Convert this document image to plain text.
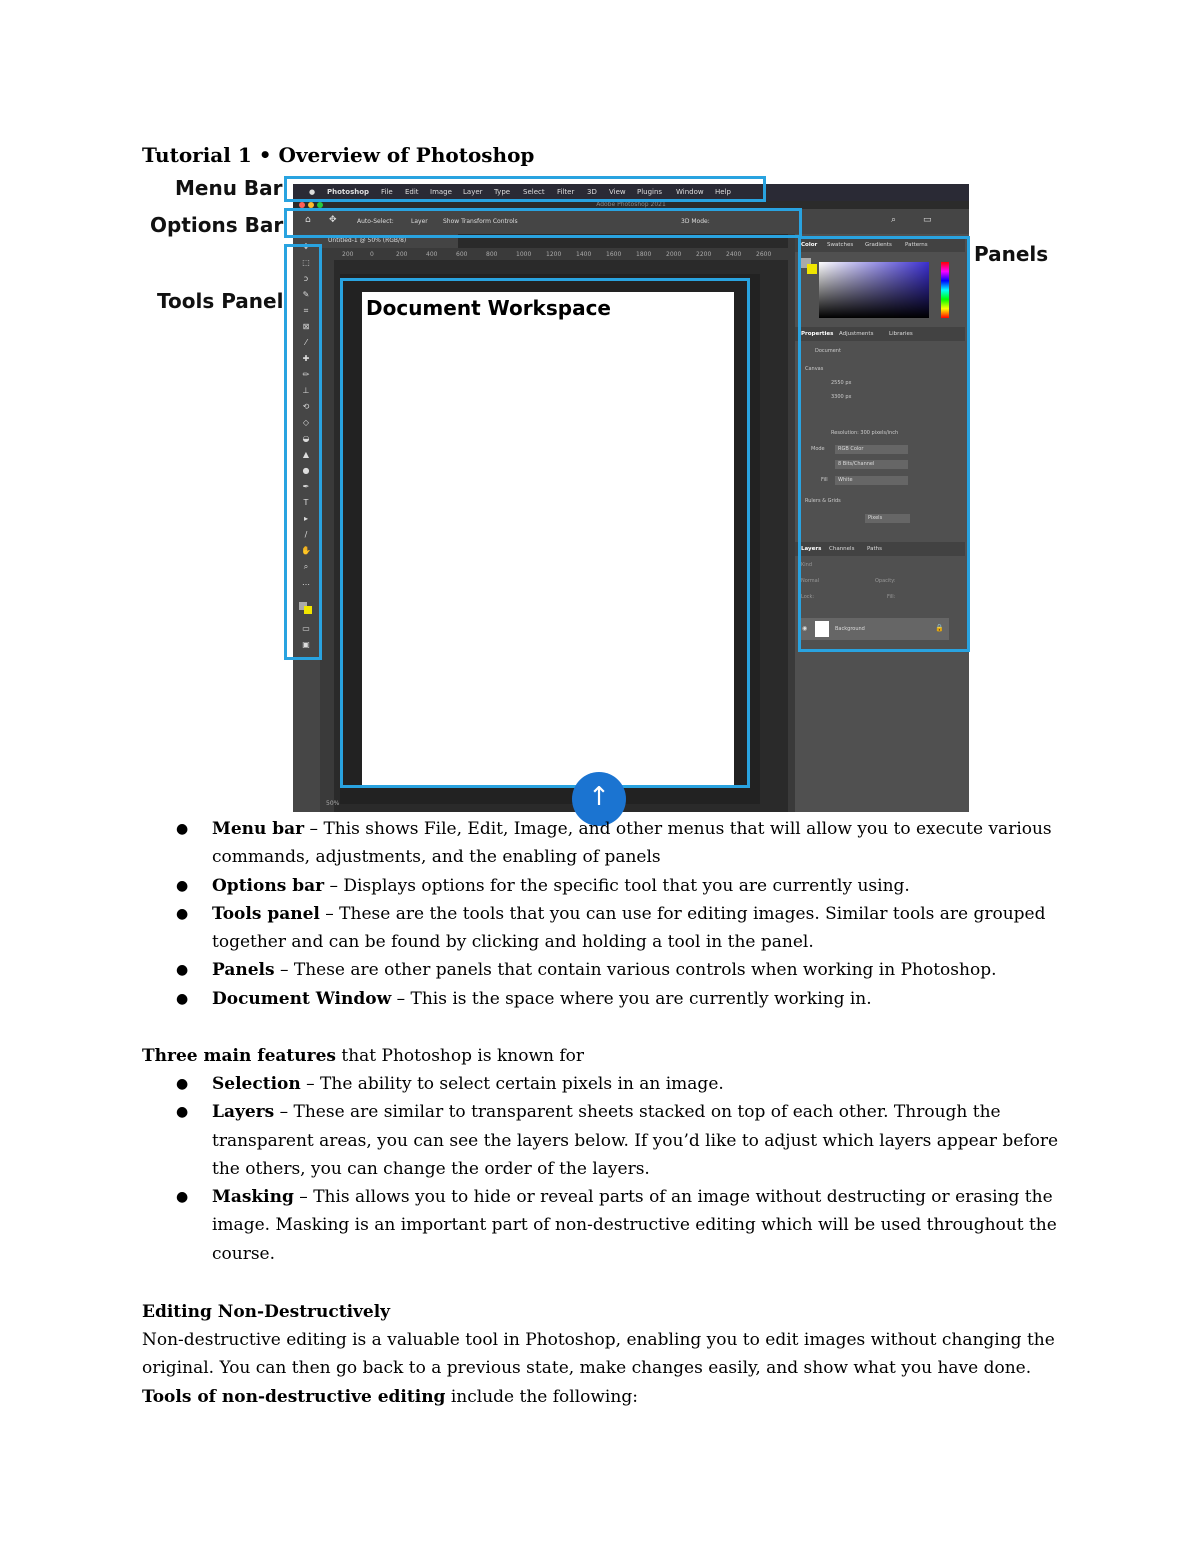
Tutorial 1 • Overview of Photoshop
Menu Bar
Options Bar
Tools Panel
Panels
● Photoshop File Edit Image Layer Type Select Filter 3D View Plugins Window Help
Adobe Photoshop 2021
⌂ ✥	Auto-Select:	Layer	Show Transform Controls	3D Mode:	⌕	▭
✥
⬚
ↄ
✎
⌗
⊠
⁄
✚
✏
⊥
⟲
◇
◒
▲
●
✒
T
▸
/
✋
⌕
…
▭
▣
Untitled-1 @ 50% (RGB/8)
200	0	200	400	600	800	1000 1200 1400 1600 1800 2000 2200 2400 2600
50%
Color Swatches Gradients Patterns
Properties Adjustments	Libraries
Document
Canvas
2550 px
3300 px
Resolution: 300 pixels/inch
Mode	RGB Color
8 Bits/Channel
Fill	White
Rulers & Grids
Pixels
Layers Channels Paths
Kind
Normal	Opacity:
Lock:	Fill:
◉	Background	🔒
Document Workspace
↑
● Menu bar – This shows File, Edit, Image, and other menus that will allow you to execute various commands, adjustments, and the enabling of panels
● Options bar – Displays options for the specific tool that you are currently using.
● Tools panel – These are the tools that you can use for editing images. Similar tools are grouped together and can be found by clicking and holding a tool in the panel.
● Panels – These are other panels that contain various controls when working in Photoshop.
● Document Window – This is the space where you are currently working in.
Three main features that Photoshop is known for
● Selection – The ability to select certain pixels in an image.
● Layers – These are similar to transparent sheets stacked on top of each other. Through the transparent areas, you can see the layers below. If you’d like to adjust which layers appear before the others, you can change the order of the layers.
● Masking – This allows you to hide or reveal parts of an image without destructing or erasing the image. Masking is an important part of non-destructive editing which will be used throughout the course.
Editing Non-Destructively
Non-destructive editing is a valuable tool in Photoshop, enabling you to edit images without changing the original. You can then go back to a previous state, make changes easily, and show what you have done.
Tools of non-destructive editing include the following:
